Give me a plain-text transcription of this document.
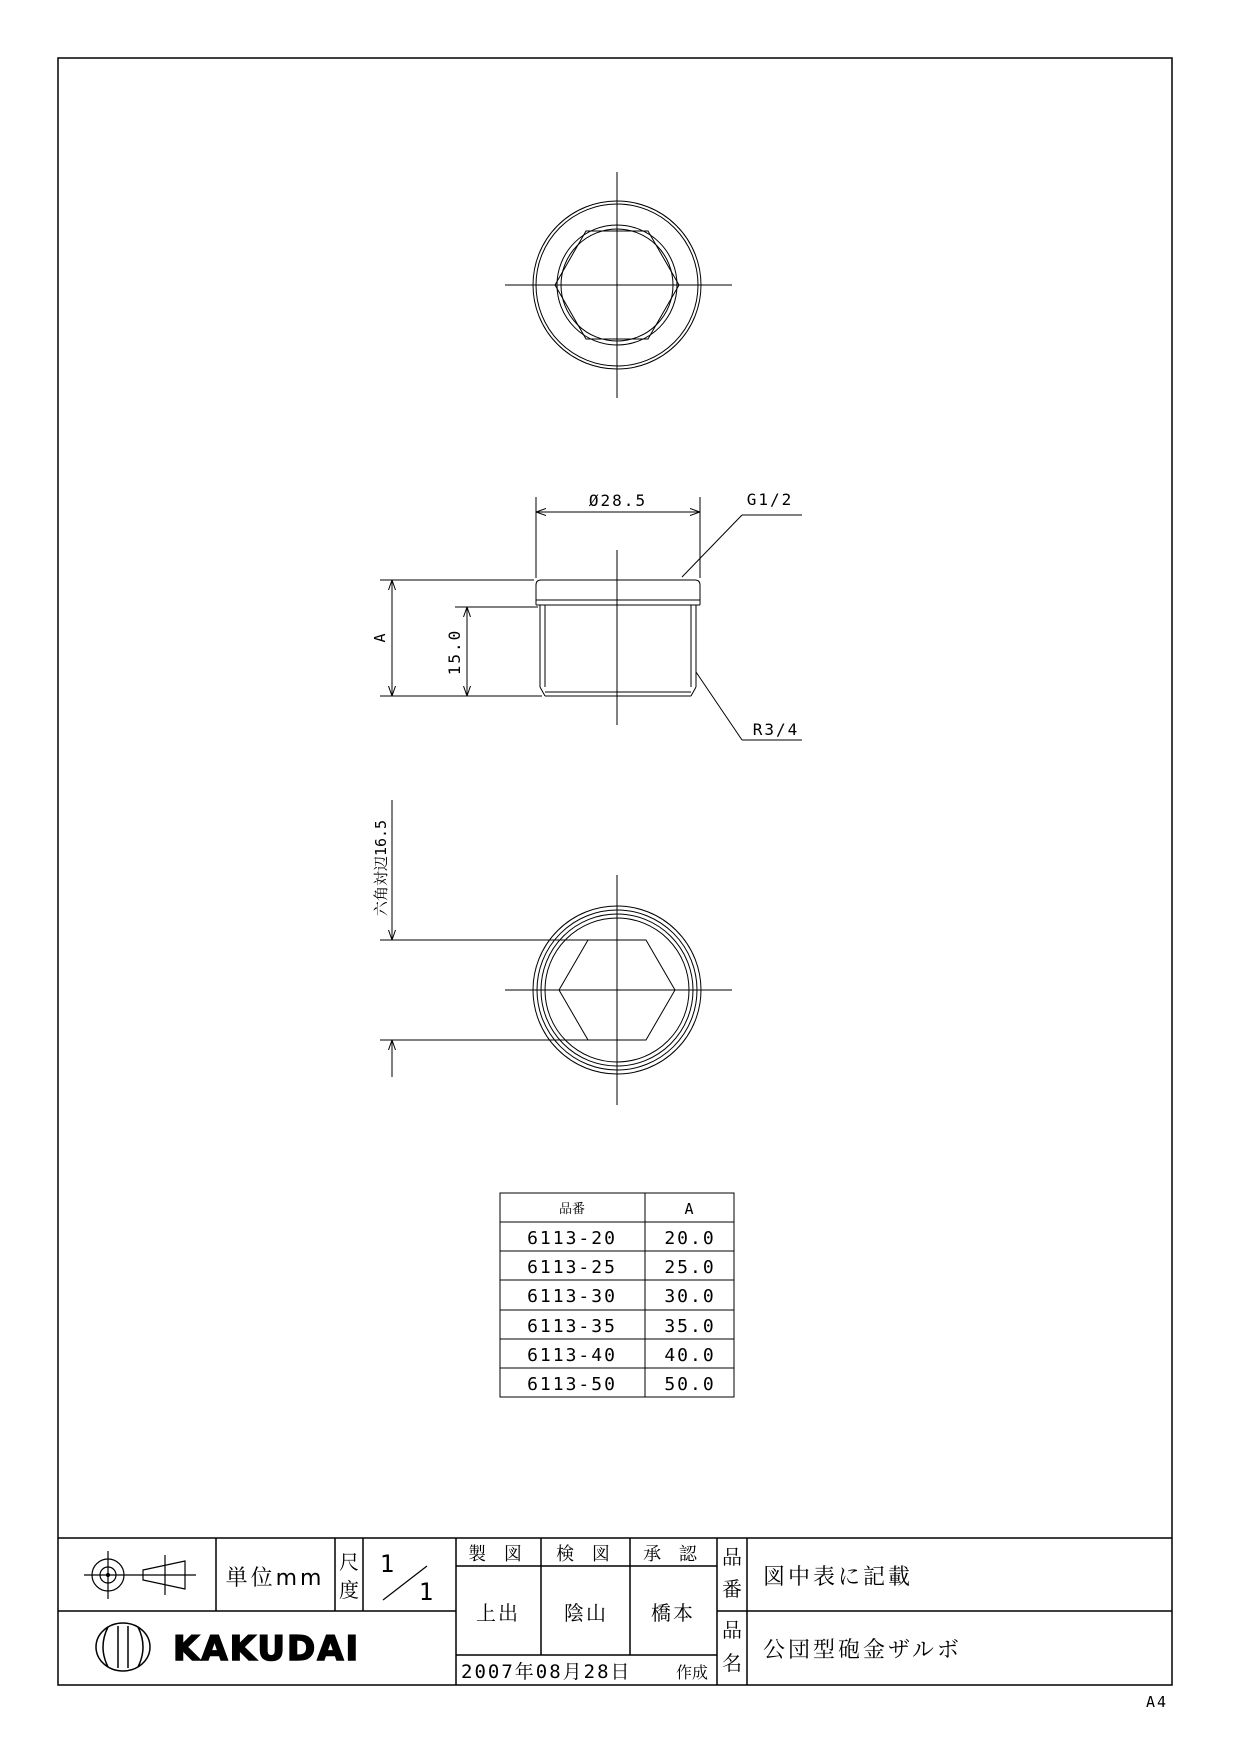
Ø28.5	G1/2
R3/4
A	15.0
六角対辺16.5
品番	A
6113-20	20.0
6113-25	25.0
6113-30	30.0
6113-35	35.0
6113-40	40.0
6113-50	50.0
単位mm
尺
度
1
1
製 図 検 図 承 認
上出 陰山 橋本
品
番 図中表に記載
品
名 公団型砲金ザルボ
KAKUDAI
2007年08月28日	作成
A4
